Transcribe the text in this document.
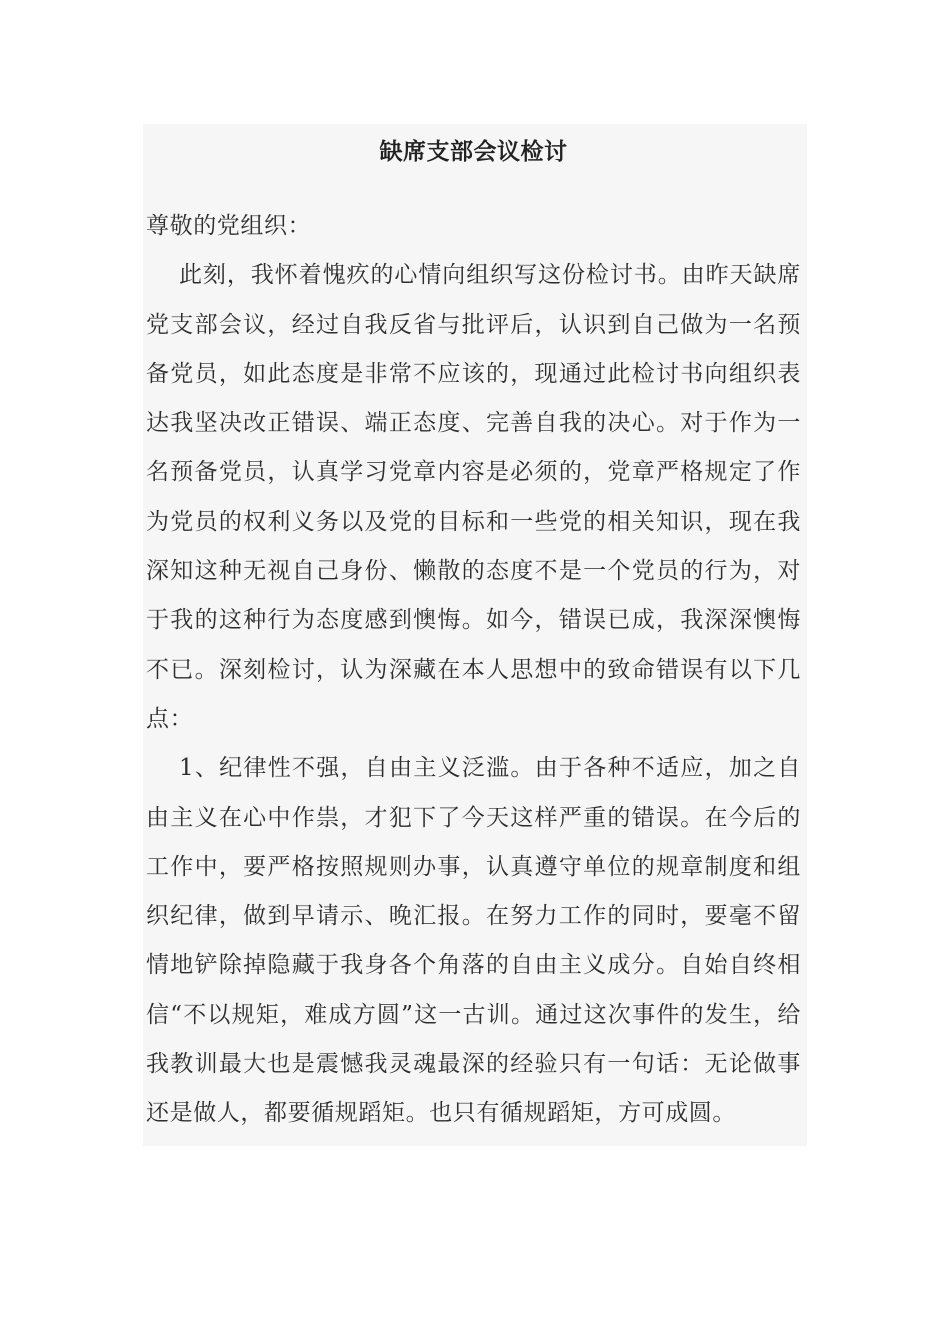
缺席支部会议检讨

尊敬的党组织：

此刻，我怀着愧疚的心情向组织写这份检讨书。由昨天缺席党支部会议，经过自我反省与批评后，认识到自己做为一名预备党员，如此态度是非常不应该的，现通过此检讨书向组织表达我坚决改正错误、端正态度、完善自我的决心。对于作为一名预备党员，认真学习党章内容是必须的，党章严格规定了作为党员的权利义务以及党的目标和一些党的相关知识，现在我深知这种无视自己身份、懒散的态度不是一个党员的行为，对于我的这种行为态度感到懊悔。如今，错误已成，我深深懊悔不已。深刻检讨，认为深藏在本人思想中的致命错误有以下几点：

1、纪律性不强，自由主义泛滥。由于各种不适应，加之自由主义在心中作祟，才犯下了今天这样严重的错误。在今后的工作中，要严格按照规则办事，认真遵守单位的规章制度和组织纪律，做到早请示、晚汇报。在努力工作的同时，要毫不留情地铲除掉隐藏于我身各个角落的自由主义成分。自始自终相信“不以规矩，难成方圆”这一古训。通过这次事件的发生，给我教训最大也是震憾我灵魂最深的经验只有一句话：无论做事还是做人，都要循规蹈矩。也只有循规蹈矩，方可成圆。
